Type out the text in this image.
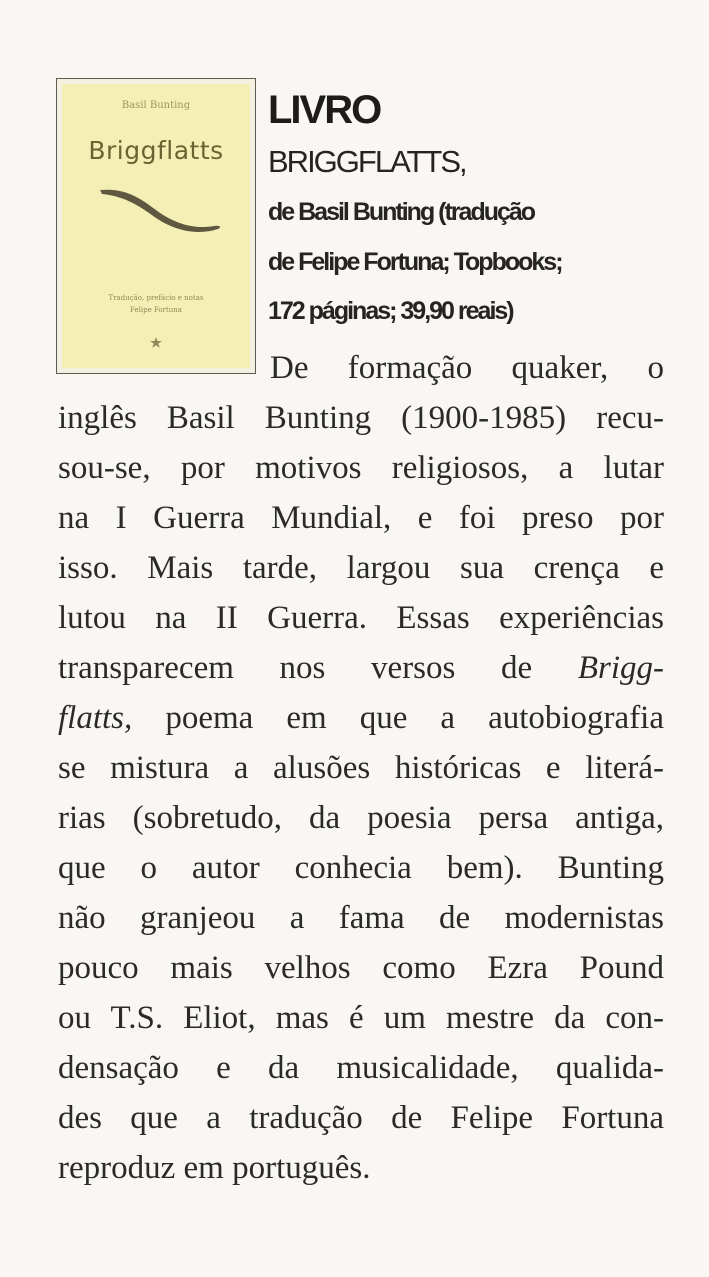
Basil Bunting
Briggflatts
Tradução, prefácio e notas
Felipe Fortuna
LIVRO
BRIGGFLATTS,
de Basil Bunting (tradução
de Felipe Fortuna; Topbooks;
172 páginas; 39,90 reais)
De formação quaker, o
inglês Basil Bunting (1900-1985) recu-
sou-se, por motivos religiosos, a lutar
na I Guerra Mundial, e foi preso por
isso. Mais tarde, largou sua crença e
lutou na II Guerra. Essas experiências
transparecem nos versos de Brigg-
flatts, poema em que a autobiografia
se mistura a alusões históricas e literá-
rias (sobretudo, da poesia persa antiga,
que o autor conhecia bem). Bunting
não granjeou a fama de modernistas
pouco mais velhos como Ezra Pound
ou T.S. Eliot, mas é um mestre da con-
densação e da musicalidade, qualida-
des que a tradução de Felipe Fortuna
reproduz em português.
